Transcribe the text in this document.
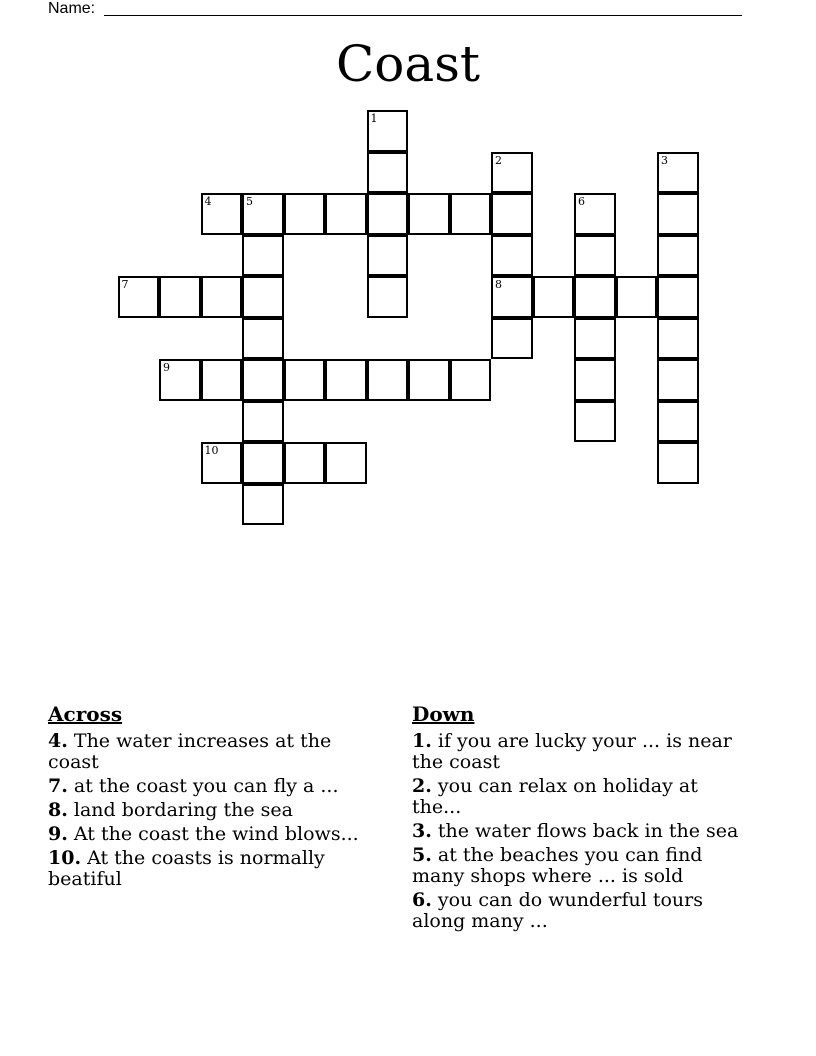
Name:
Coast
1
2
8
3
4	5	6
7
9
10
Across
4. The water increases at the coast
7. at the coast you can fly a ...
8. land bordaring the sea
9. At the coast the wind blows...
10. At the coasts is normally beatiful
Down
1. if you are lucky your ... is near the coast
2. you can relax on holiday at the...
3. the water flows back in the sea
5. at the beaches you can find many shops where ... is sold
6. you can do wunderful tours along many ...
